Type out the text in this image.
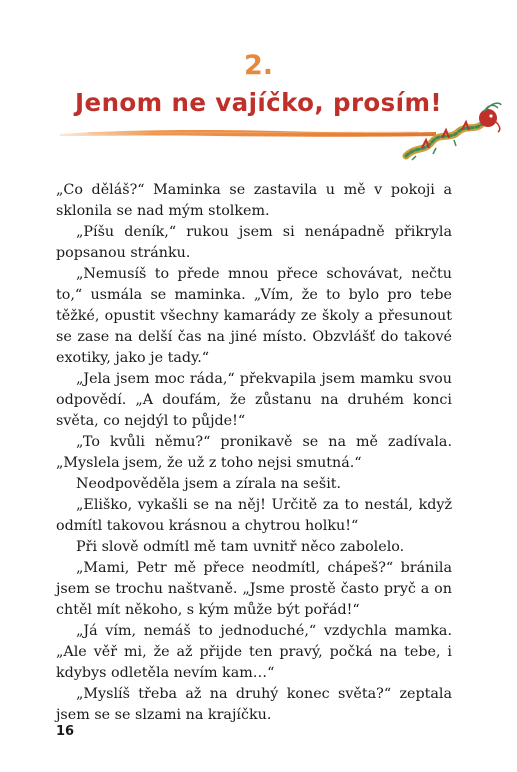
2.
Jenom ne vajíčko, prosím!

„Co děláš?“ Maminka se zastavila u mě v pokoji a sklonila se nad mým stolkem.

„Píšu deník,“ rukou jsem si nenápadně přikryla popsanou stránku.

„Nemusíš to přede mnou přece schovávat, nečtu to,“ usmála se maminka. „Vím, že to bylo pro tebe těžké, opustit všechny kamarády ze školy a přesunout se zase na delší čas na jiné místo. Obzvlášť do takové exotiky, jako je tady.“

„Jela jsem moc ráda,“ překvapila jsem mamku svou odpovědí. „A doufám, že zůstanu na druhém konci světa, co nejdýl to půjde!“

„To kvůli němu?“ pronikavě se na mě zadívala. „Myslela jsem, že už z toho nejsi smutná.“

Neodpověděla jsem a zírala na sešit.

„Eliško, vykašli se na něj! Určitě za to nestál, když odmítl takovou krásnou a chytrou holku!“

Při slově odmítl mě tam uvnitř něco zabolelo.

„Mami, Petr mě přece neodmítl, chápeš?“ bránila jsem se trochu naštvaně. „Jsme prostě často pryč a on chtěl mít někoho, s kým může být pořád!“

„Já vím, nemáš to jednoduché,“ vzdychla mamka. „Ale věř mi, že až přijde ten pravý, počká na tebe, i kdybys odletěla nevím kam…“

„Myslíš třeba až na druhý konec světa?“ zeptala jsem se se slzami na krajíčku.

16
